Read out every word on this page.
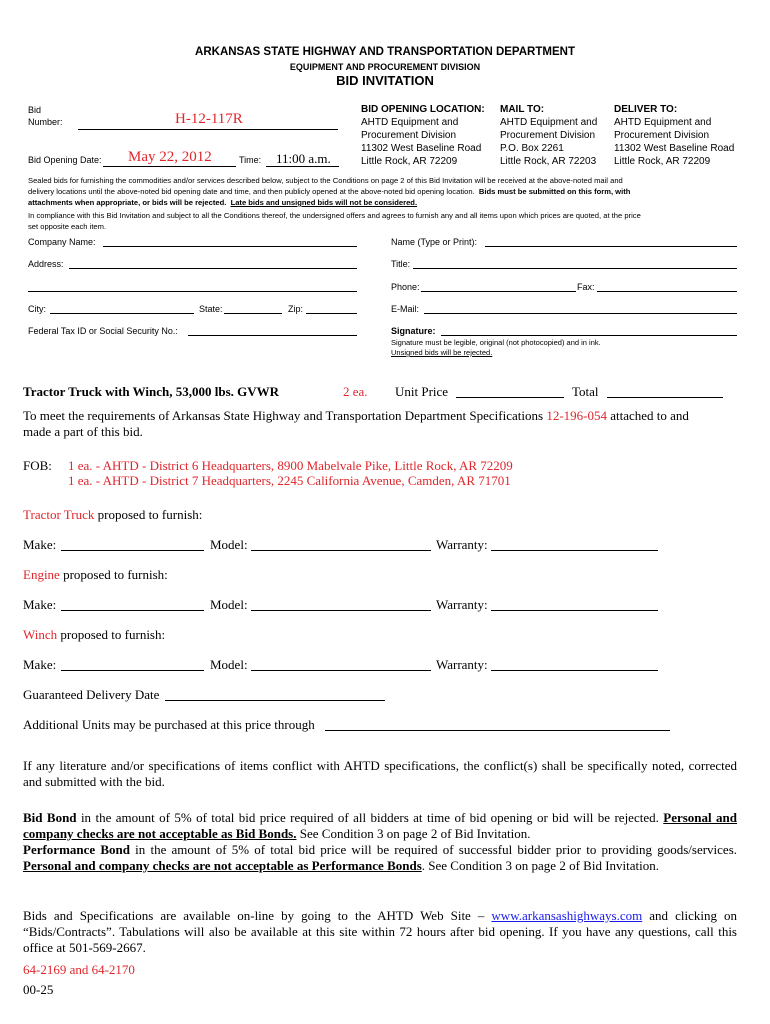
ARKANSAS STATE HIGHWAY AND TRANSPORTATION DEPARTMENT
EQUIPMENT AND PROCUREMENT DIVISION
BID INVITATION
Bid
Number:	H-12-117R
Bid Opening Date: May 22, 2012	Time: 11:00 a.m.
BID OPENING LOCATION:
AHTD Equipment and
Procurement Division
11302 West Baseline Road
Little Rock, AR 72209
MAIL TO:
AHTD Equipment and
Procurement Division
P.O. Box 2261
Little Rock, AR 72203
DELIVER TO:
AHTD Equipment and
Procurement Division
11302 West Baseline Road
Little Rock, AR 72209
Sealed bids for furnishing the commodities and/or services described below, subject to the Conditions on page 2 of this Bid Invitation will be received at the above-noted mail and
delivery locations until the above-noted bid opening date and time, and then publicly opened at the above-noted bid opening location. Bids must be submitted on this form, with
attachments when appropriate, or bids will be rejected. Late bids and unsigned bids will not be considered.
In compliance with this Bid Invitation and subject to all the Conditions thereof, the undersigned offers and agrees to furnish any and all items upon which prices are quoted, at the price
set opposite each item.
Company Name:
Address:
City:	State:	Zip:
Federal Tax ID or Social Security No.:
Name (Type or Print):
Title:
Phone:	Fax:
E-Mail:
Signature:
Signature must be legible, original (not photocopied) and in ink.
Unsigned bids will be rejected.
Tractor Truck with Winch, 53,000 lbs. GVWR	2 ea. Unit Price	Total
To meet the requirements of Arkansas State Highway and Transportation Department Specifications 12-196-054 attached to and
made a part of this bid.
FOB: 1 ea. - AHTD - District 6 Headquarters, 8900 Mabelvale Pike, Little Rock, AR 72209
1 ea. - AHTD - District 7 Headquarters, 2245 California Avenue, Camden, AR 71701
Tractor Truck proposed to furnish:
Make:	Model:	Warranty:
Engine proposed to furnish:
Make:	Model:	Warranty:
Winch proposed to furnish:
Make:	Model:	Warranty:
Guaranteed Delivery Date
Additional Units may be purchased at this price through
If any literature and/or specifications of items conflict with AHTD specifications, the conflict(s) shall be specifically noted, corrected and submitted with the bid.
Bid Bond in the amount of 5% of total bid price required of all bidders at time of bid opening or bid will be rejected. Personal and company checks are not acceptable as Bid Bonds. See Condition 3 on page 2 of Bid Invitation.
Performance Bond in the amount of 5% of total bid price will be required of successful bidder prior to providing goods/services. Personal and company checks are not acceptable as Performance Bonds. See Condition 3 on page 2 of Bid Invitation.
Bids and Specifications are available on-line by going to the AHTD Web Site – www.arkansashighways.com and clicking on “Bids/Contracts”. Tabulations will also be available at this site within 72 hours after bid opening. If you have any questions, call this office at 501-569-2667.
64-2169 and 64-2170
00-25
